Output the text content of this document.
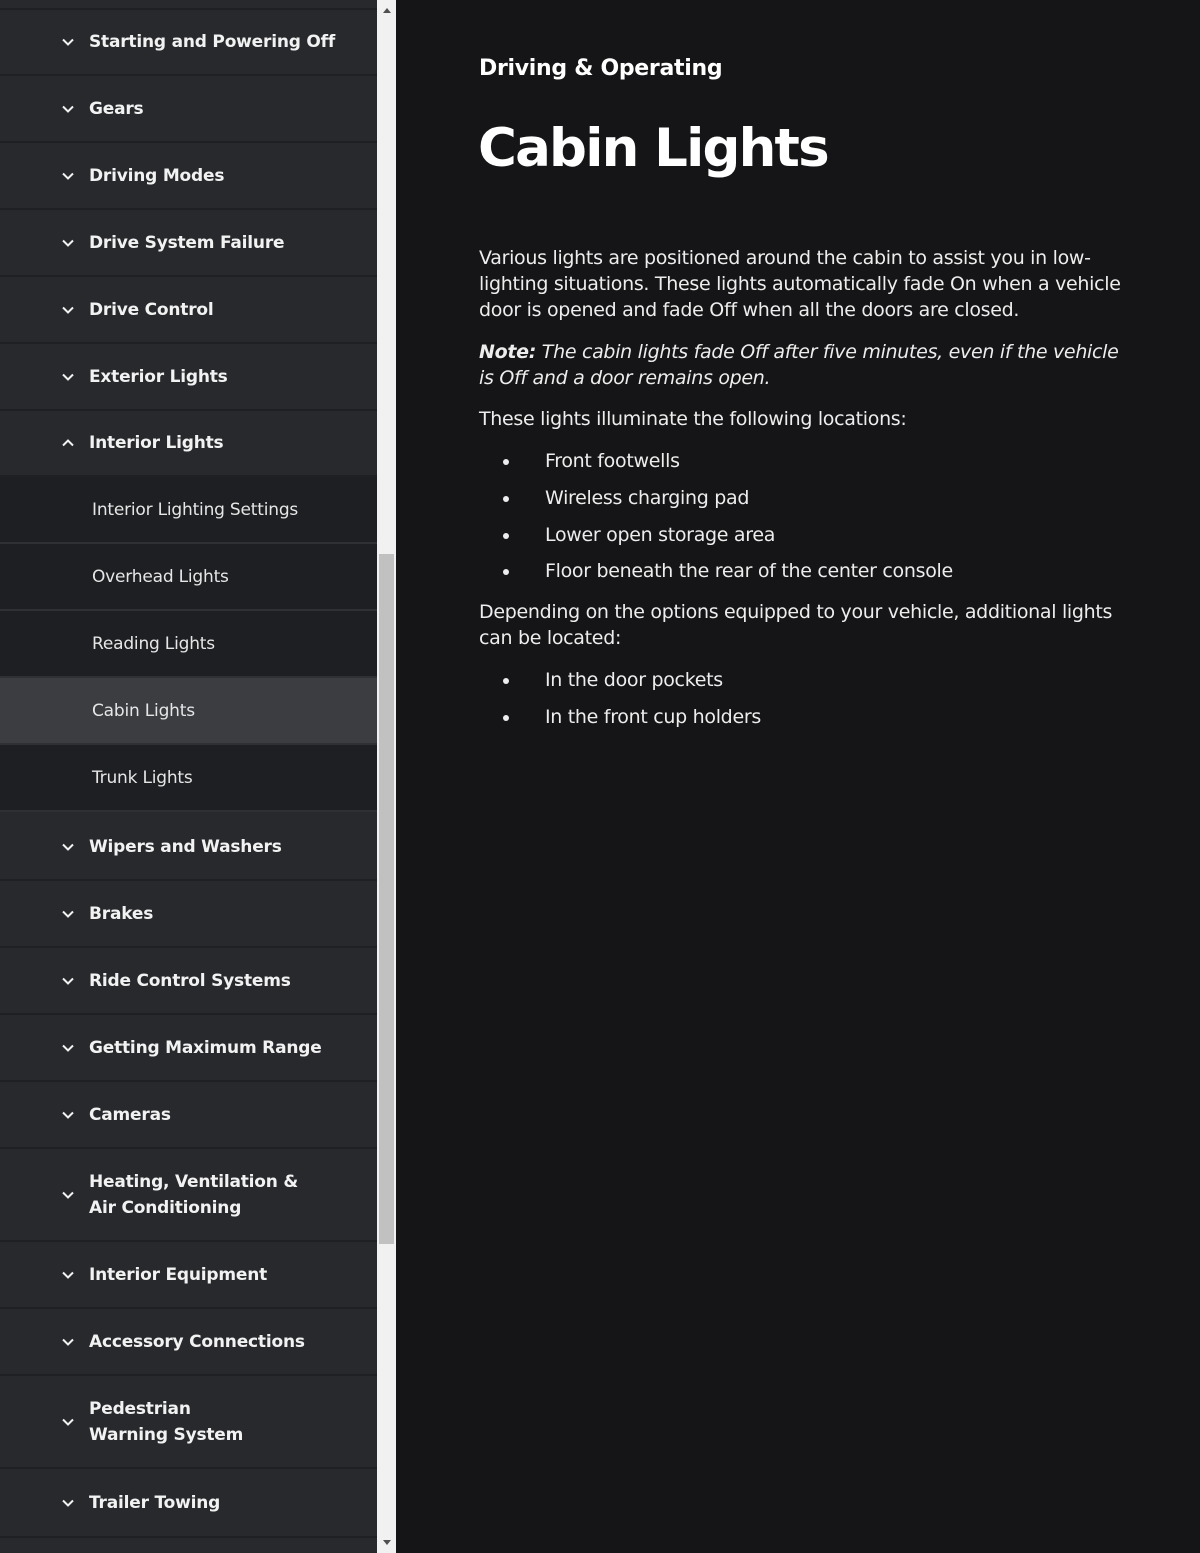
Starting and Powering Off
Gears
Driving Modes
Drive System Failure
Drive Control
Exterior Lights
Interior Lights
Interior Lighting Settings
Overhead Lights
Reading Lights
Cabin Lights
Trunk Lights
Wipers and Washers
Brakes
Ride Control Systems
Getting Maximum Range
Cameras
Heating, Ventilation & Air Conditioning
Interior Equipment
Accessory Connections
Pedestrian Warning System
Trailer Towing
Driving & Operating
Cabin Lights

Various lights are positioned around the cabin to assist you in low-lighting situations. These lights automatically fade On when a vehicle door is opened and fade Off when all the doors are closed.

Note: The cabin lights fade Off after five minutes, even if the vehicle is Off and a door remains open.

These lights illuminate the following locations:

Front footwells
Wireless charging pad
Lower open storage area
Floor beneath the rear of the center console

Depending on the options equipped to your vehicle, additional lights can be located:

In the door pockets
In the front cup holders
